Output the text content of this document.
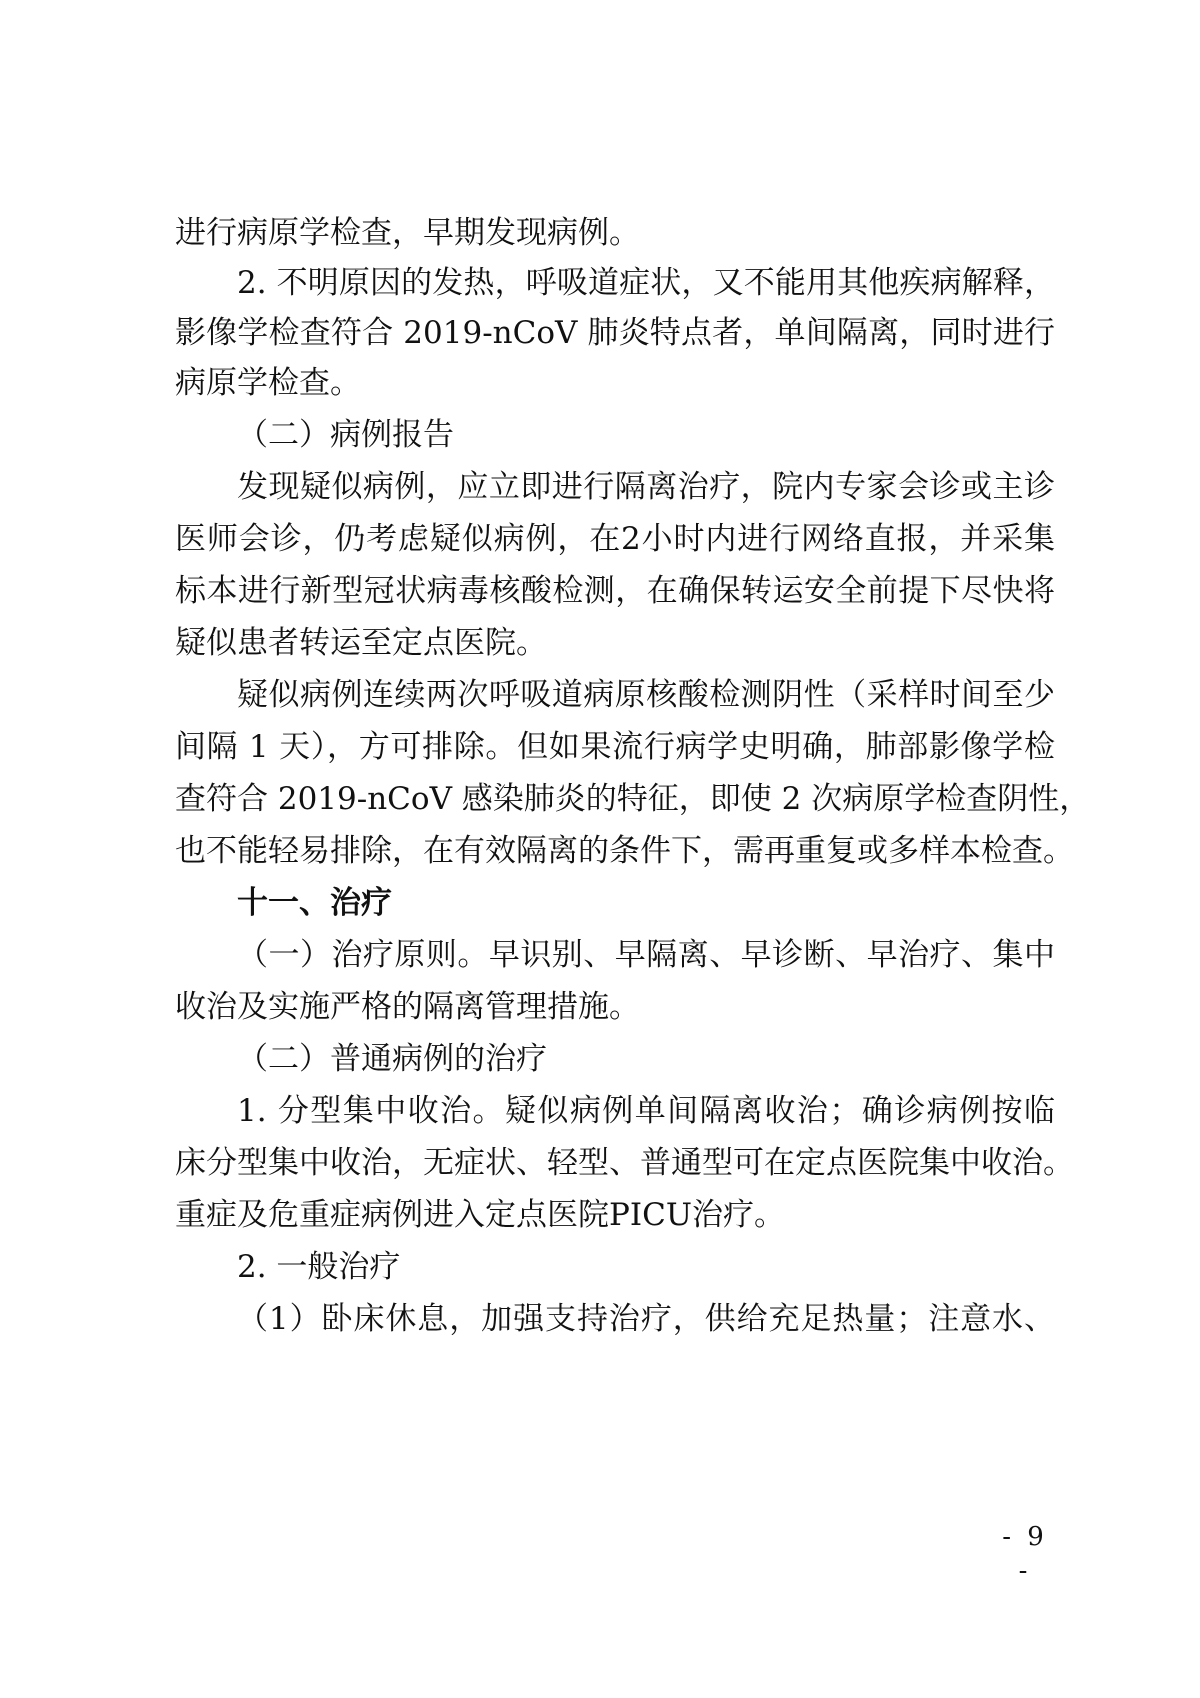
进行病原学检查，早期发现病例。
2. 不明原因的发热，呼吸道症状，又不能用其他疾病解释，
影像学检查符合 2019-nCoV 肺炎特点者，单间隔离，同时进行
病原学检查。
（二）病例报告
发现疑似病例，应立即进行隔离治疗，院内专家会诊或主诊
医师会诊，仍考虑疑似病例，在2小时内进行网络直报，并采集
标本进行新型冠状病毒核酸检测，在确保转运安全前提下尽快将
疑似患者转运至定点医院。
疑似病例连续两次呼吸道病原核酸检测阴性（采样时间至少
间隔 1 天），方可排除。但如果流行病学史明确，肺部影像学检
查符合 2019-nCoV 感染肺炎的特征，即使 2 次病原学检查阴性，
也不能轻易排除，在有效隔离的条件下，需再重复或多样本检查。
十一、治疗
（一）治疗原则。早识别、早隔离、早诊断、早治疗、集中
收治及实施严格的隔离管理措施。
（二）普通病例的治疗
1. 分型集中收治。疑似病例单间隔离收治；确诊病例按临
床分型集中收治，无症状、轻型、普通型可在定点医院集中收治。
重症及危重症病例进入定点医院PICU治疗。
2. 一般治疗
（1）卧床休息，加强支持治疗，供给充足热量；注意水、
- 9 -
